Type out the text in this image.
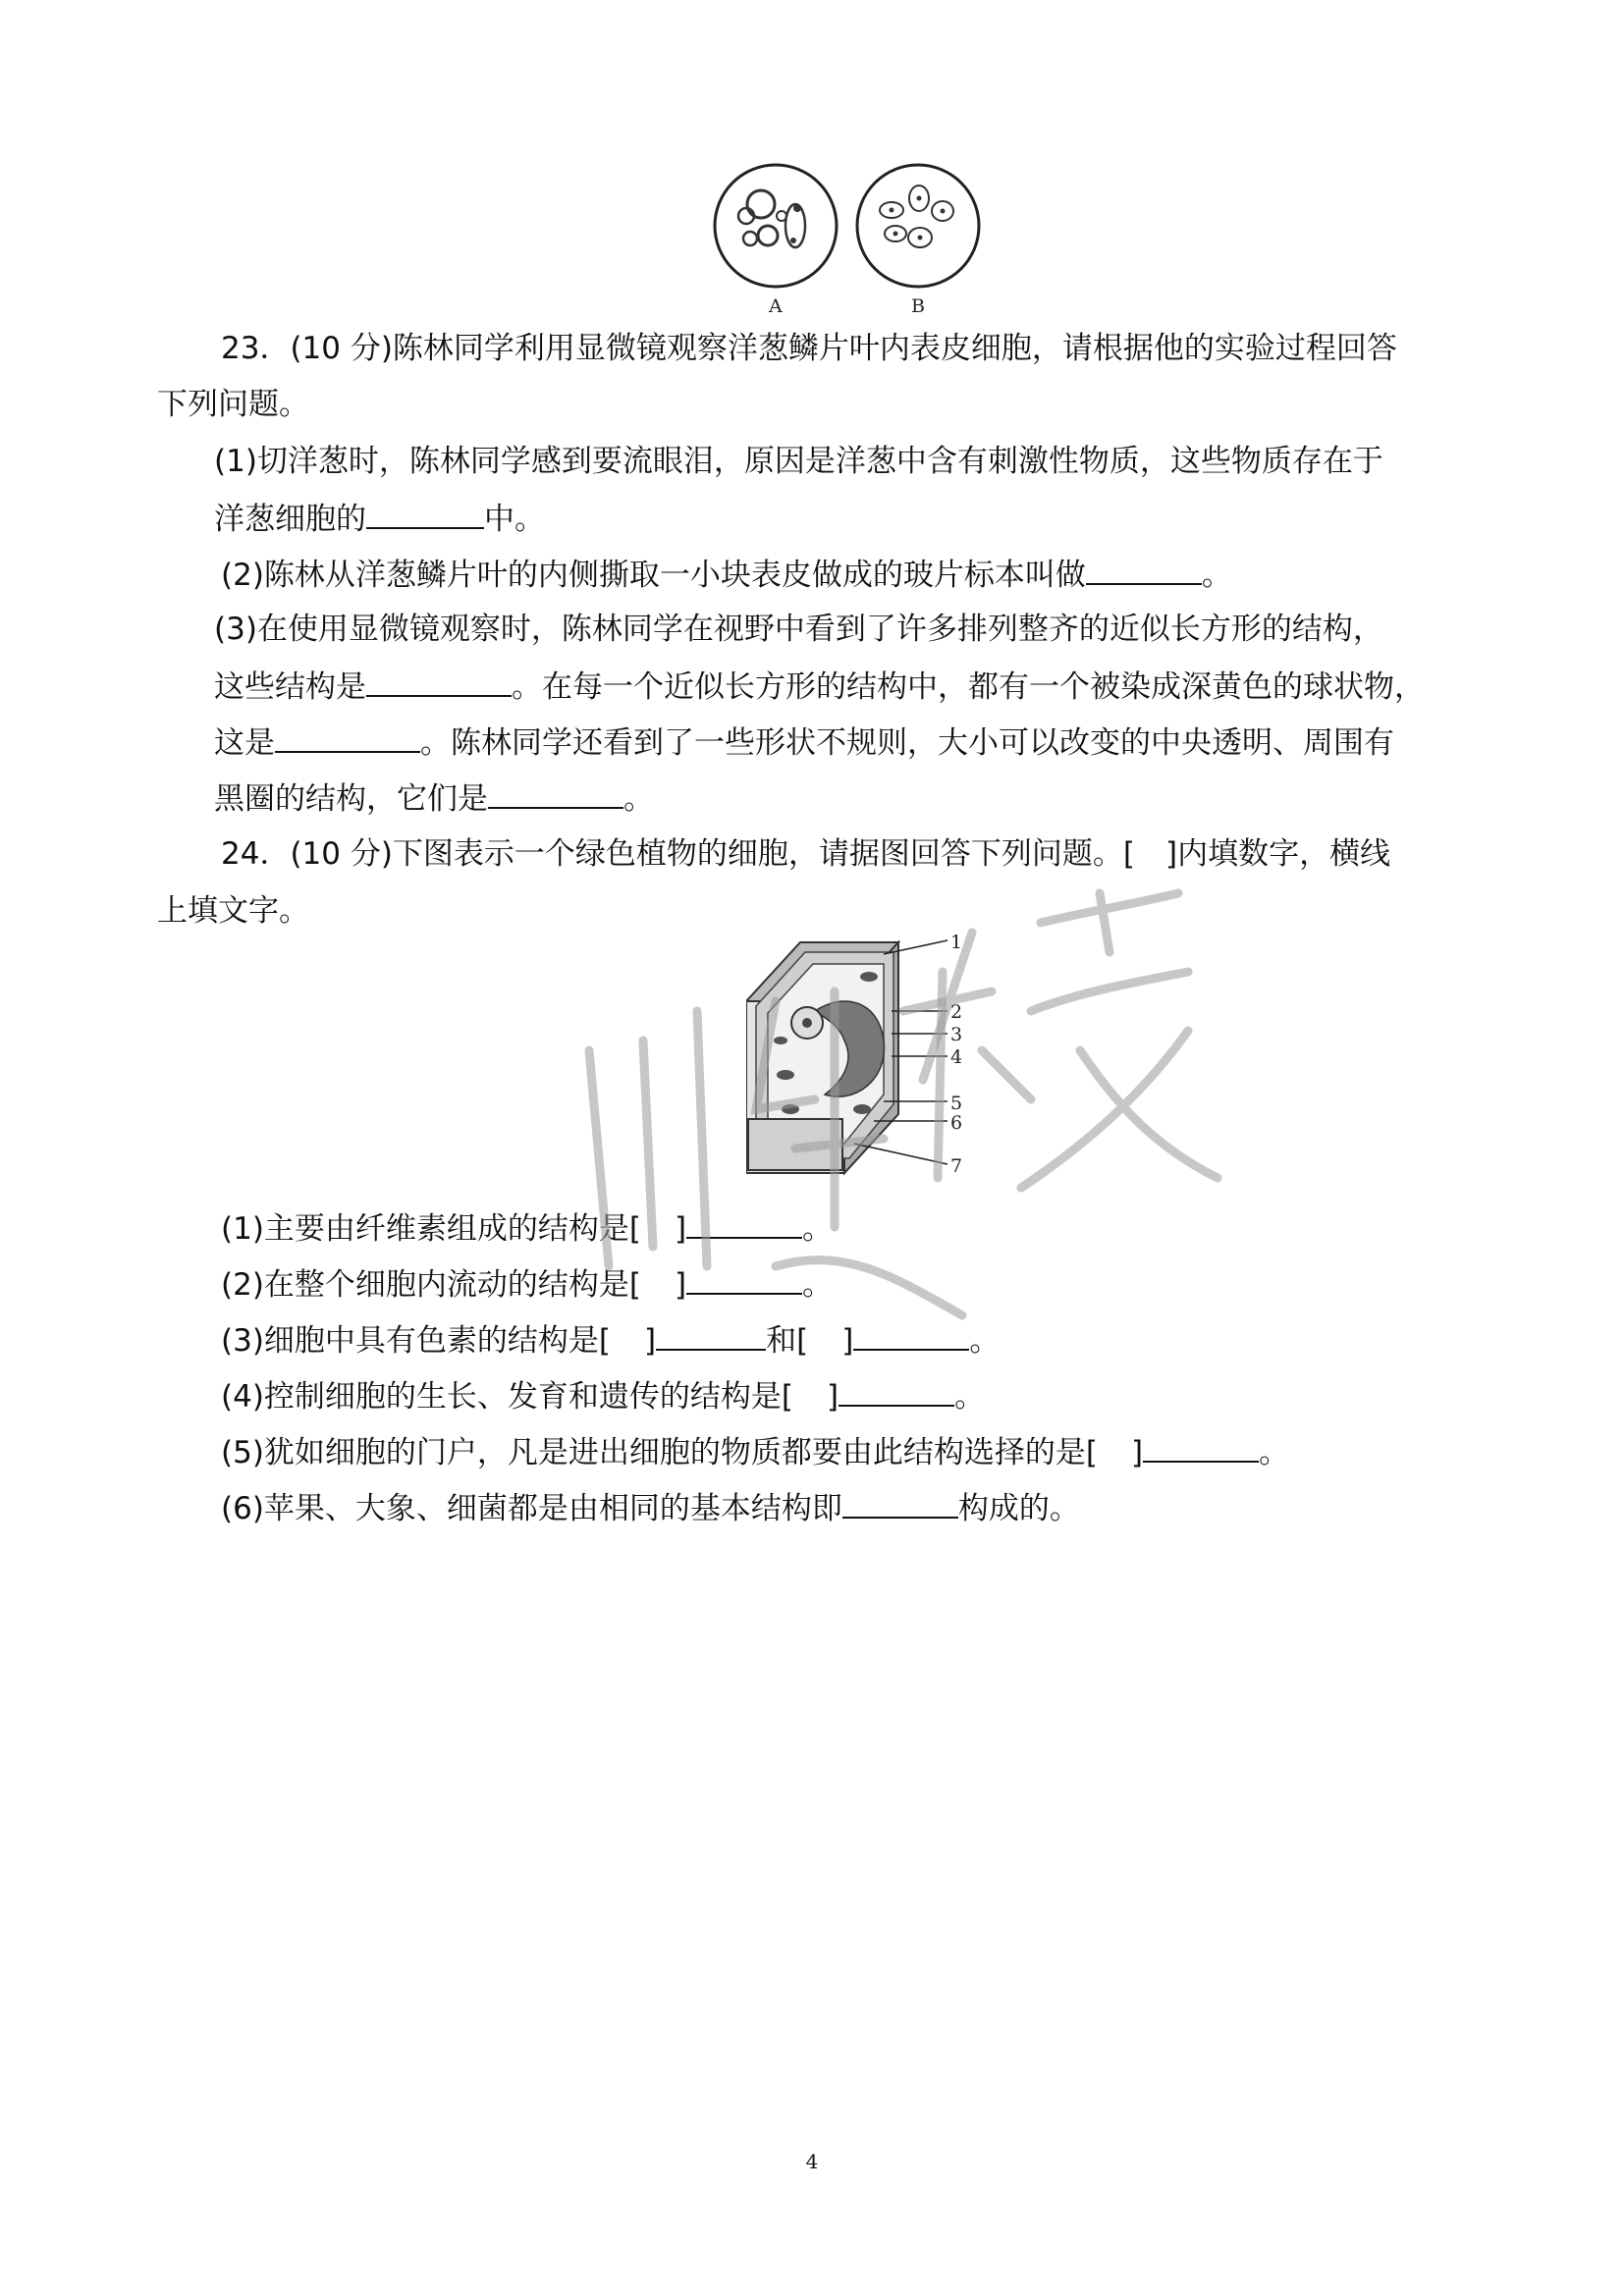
A	B
23．(10 分)陈林同学利用显微镜观察洋葱鳞片叶内表皮细胞，请根据他的实验过程回答
下列问题。
(1)切洋葱时，陈林同学感到要流眼泪，原因是洋葱中含有刺激性物质，这些物质存在于
洋葱细胞的	中。
(2)陈林从洋葱鳞片叶的内侧撕取一小块表皮做成的玻片标本叫做	。
(3)在使用显微镜观察时，陈林同学在视野中看到了许多排列整齐的近似长方形的结构，
这些结构是	。在每一个近似长方形的结构中，都有一个被染成深黄色的球状物，
这是	。陈林同学还看到了一些形状不规则，大小可以改变的中央透明、周围有
黑圈的结构，它们是	。
24．(10 分)下图表示一个绿色植物的细胞，请据图回答下列问题。[　]内填数字，横线
上填文字。
1
2
3
4
5
6
7
(1)主要由纤维素组成的结构是[ ]	。
(2)在整个细胞内流动的结构是[ ]	。
(3)细胞中具有色素的结构是[ ]	和[ ]	。
(4)控制细胞的生长、发育和遗传的结构是[ ]	。
(5)犹如细胞的门户，凡是进出细胞的物质都要由此结构选择的是[ ]	。
(6)苹果、大象、细菌都是由相同的基本结构即	构成的。
4
